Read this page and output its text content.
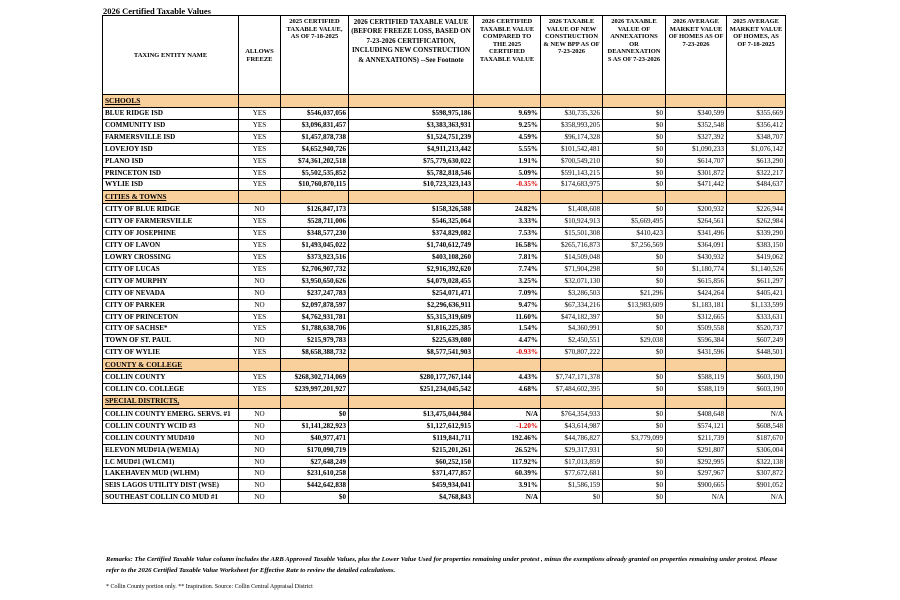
2026 Certified Taxable Values
TAXING ENTITY NAME	ALLOWS FREEZE	2025 CERTIFIED TAXABLE VALUE, AS OF 7-18-2025	2026 CERTIFIED TAXABLE VALUE (BEFORE FREEZE LOSS, BASED ON 7-23-2026 CERTIFICATION, INCLUDING NEW CONSTRUCTION & ANNEXATIONS) --See Footnote	2026 CERTIFIED TAXABLE VALUE COMPARED TO THE 2025 CERTIFIED TAXABLE VALUE	2026 TAXABLE VALUE OF NEW CONSTRUCTION & NEW BPP AS OF 7-23-2026	2026 TAXABLE VALUE OF ANNEXATIONS OR DEANNEXATION S AS OF 7-23-2026	2026 AVERAGE MARKET VALUE OF HOMES AS OF 7-23-2026	2025 AVERAGE MARKET VALUE OF HOMES, AS OF 7-18-2025
SCHOOLS								
BLUE RIDGE ISD	YES	$546,037,056	$598,975,186	9.69%	$30,735,326	$0	$340,599	$355,669
COMMUNITY ISD	YES	$3,096,831,457	$3,383,363,931	9.25%	$358,993,205	$0	$352,548	$356,412
FARMERSVILLE ISD	YES	$1,457,878,738	$1,524,751,239	4.59%	$96,174,328	$0	$327,392	$348,707
LOVEJOY ISD	YES	$4,652,940,726	$4,911,213,442	5.55%	$101,542,481	$0	$1,090,233	$1,076,142
PLANO ISD	YES	$74,361,202,518	$75,779,630,022	1.91%	$700,549,210	$0	$614,707	$613,290
PRINCETON ISD	YES	$5,502,535,852	$5,782,818,546	5.09%	$591,143,215	$0	$301,872	$322,217
WYLIE ISD	YES	$10,760,870,115	$10,723,323,143	-0.35%	$174,683,975	$0	$471,442	$484,637
CITIES & TOWNS								
CITY OF BLUE RIDGE	NO	$126,847,173	$158,326,588	24.82%	$1,408,608	$0	$200,932	$226,944
CITY OF FARMERSVILLE	YES	$528,711,006	$546,325,064	3.33%	$10,924,913	$5,669,495	$264,561	$262,984
CITY OF JOSEPHINE	YES	$348,577,230	$374,829,082	7.53%	$15,501,308	$410,423	$341,496	$339,290
CITY OF LAVON	YES	$1,493,045,022	$1,740,612,749	16.58%	$265,716,873	$7,256,569	$364,091	$383,150
LOWRY CROSSING	YES	$373,923,516	$403,108,260	7.81%	$14,509,048	$0	$430,932	$419,062
CITY OF LUCAS	YES	$2,706,907,732	$2,916,392,620	7.74%	$71,904,298	$0	$1,180,774	$1,140,526
CITY OF MURPHY	NO	$3,950,650,626	$4,079,028,455	3.25%	$32,071,130	$0	$615,856	$611,297
CITY OF NEVADA	NO	$237,247,783	$254,071,471	7.09%	$3,286,503	$21,296	$424,264	$405,421
CITY OF PARKER	NO	$2,097,878,597	$2,296,636,911	9.47%	$67,334,216	$13,983,609	$1,183,181	$1,133,599
CITY OF PRINCETON	YES	$4,762,931,781	$5,315,319,609	11.60%	$474,182,397	$0	$312,665	$333,631
CITY OF SACHSE*	YES	$1,788,638,706	$1,816,225,385	1.54%	$4,360,991	$0	$509,558	$520,737
TOWN OF ST. PAUL	NO	$215,979,783	$225,639,080	4.47%	$2,450,551	$29,038	$596,384	$607,249
CITY OF WYLIE	YES	$8,658,388,732	$8,577,541,903	-0.93%	$70,807,222	$0	$431,596	$448,501
COUNTY & COLLEGE								
COLLIN COUNTY	YES	$268,302,714,069	$280,177,767,144	4.43%	$7,747,171,378	$0	$588,119	$603,190
COLLIN CO. COLLEGE	YES	$239,997,201,927	$251,234,045,542	4.68%	$7,484,602,395	$0	$588,119	$603,190
SPECIAL DISTRICTS,								
COLLIN COUNTY EMERG. SERVS. #1	NO	$0	$13,475,044,984	N/A	$764,354,933	$0	$408,648	N/A
COLLIN COUNTY WCID #3	NO	$1,141,282,923	$1,127,612,915	-1.20%	$43,614,987	$0	$574,121	$608,548
COLLIN COUNTY MUD#10	NO	$40,977,471	$119,841,711	192.46%	$44,786,827	$3,779,099	$211,739	$187,670
ELEVON MUD#1A (WEM1A)	NO	$170,090,719	$215,201,261	26.52%	$29,317,931	$0	$291,807	$306,004
LC MUD#1 (WLCM1)	NO	$27,648,249	$60,252,150	117.92%	$17,013,859	$0	$292,995	$322,138
LAKEHAVEN MUD (WLHM)	NO	$231,610,258	$371,477,857	60.39%	$77,672,681	$0	$297,967	$307,872
SEIS LAGOS UTILITY DIST (WSE)	NO	$442,642,838	$459,934,041	3.91%	$1,586,159	$0	$900,665	$901,052
SOUTHEAST COLLIN CO MUD #1	NO	$0	$4,768,843	N/A	$0	$0	N/A	N/A
Remarks: The Certified Taxable Value column includes the ARB Approved Taxable Values, plus the Lower Value Used for properties remaining under protest , minus the exemptions already granted on properties remaining under protest. Please refer to the 2026 Certified Taxable Value Worksheet for Effective Rate to review the detailed calculations.
* Collin County portion only. ** Inspiration. Source: Collin Central Appraisal District
